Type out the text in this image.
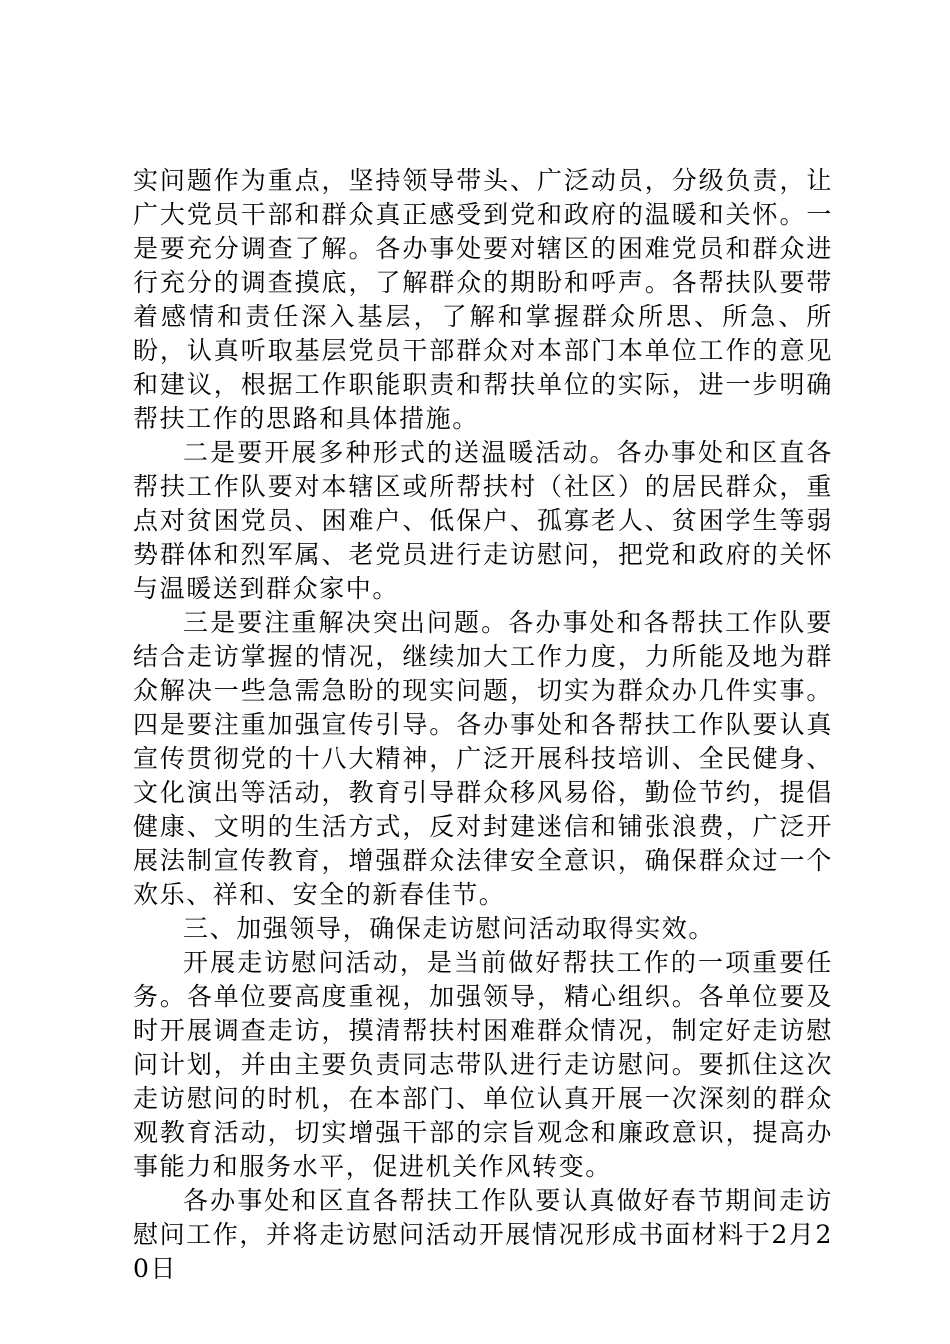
实问题作为重点，坚持领导带头、广泛动员，分级负责，让广大党员干部和群众真正感受到党和政府的温暖和关怀。一是要充分调查了解。各办事处要对辖区的困难党员和群众进行充分的调查摸底，了解群众的期盼和呼声。各帮扶队要带着感情和责任深入基层，了解和掌握群众所思、所急、所盼，认真听取基层党员干部群众对本部门本单位工作的意见和建议，根据工作职能职责和帮扶单位的实际，进一步明确帮扶工作的思路和具体措施。

二是要开展多种形式的送温暖活动。各办事处和区直各帮扶工作队要对本辖区或所帮扶村（社区）的居民群众，重点对贫困党员、困难户、低保户、孤寡老人、贫困学生等弱势群体和烈军属、老党员进行走访慰问，把党和政府的关怀与温暖送到群众家中。

三是要注重解决突出问题。各办事处和各帮扶工作队要结合走访掌握的情况，继续加大工作力度，力所能及地为群众解决一些急需急盼的现实问题，切实为群众办几件实事。四是要注重加强宣传引导。各办事处和各帮扶工作队要认真宣传贯彻党的十八大精神，广泛开展科技培训、全民健身、文化演出等活动，教育引导群众移风易俗，勤俭节约，提倡健康、文明的生活方式，反对封建迷信和铺张浪费，广泛开展法制宣传教育，增强群众法律安全意识，确保群众过一个欢乐、祥和、安全的新春佳节。

三、加强领导，确保走访慰问活动取得实效。

开展走访慰问活动，是当前做好帮扶工作的一项重要任务。各单位要高度重视，加强领导，精心组织。各单位要及时开展调查走访，摸清帮扶村困难群众情况，制定好走访慰问计划，并由主要负责同志带队进行走访慰问。要抓住这次走访慰问的时机，在本部门、单位认真开展一次深刻的群众观教育活动，切实增强干部的宗旨观念和廉政意识，提高办事能力和服务水平，促进机关作风转变。

各办事处和区直各帮扶工作队要认真做好春节期间走访慰问工作，并将走访慰问活动开展情况形成书面材料于2月20日
